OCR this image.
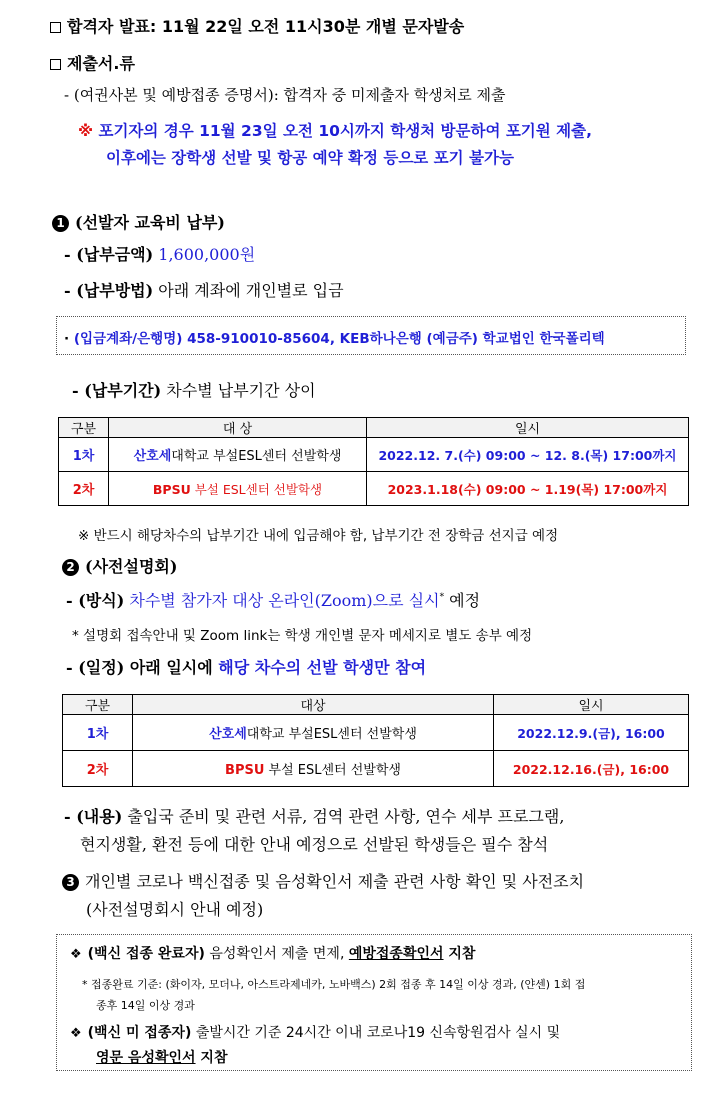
합격자 발표: 11월 22일 오전 11시30분 개별 문자발송
제출서.류
- (여권사본 및 예방접종 증명서): 합격자 중 미제출자 학생처로 제출
※ 포기자의 경우 11월 23일 오전 10시까지 학생처 방문하여 포기원 제출,
이후에는 장학생 선발 및 항공 예약 확정 등으로 포기 불가능
1 (선발자 교육비 납부)
- (납부금액) 1,600,000원
- (납부방법) 아래 계좌에 개인별로 입금
· (입금계좌/은행명) 458-910010-85604, KEB하나은행 (예금주) 학교법인 한국폴리텍
- (납부기간) 차수별 납부기간 상이
구분	대 상	일시
1차	산호세대학교 부설ESL센터 선발학생	2022.12. 7.(수) 09:00 ~ 12. 8.(목) 17:00까지
2차	BPSU 부설 ESL센터 선발학생	2023.1.18(수) 09:00 ~ 1.19(목) 17:00까지
※ 반드시 해당차수의 납부기간 내에 입금해야 함, 납부기간 전 장학금 선지급 예정
2 (사전설명회)
- (방식) 차수별 참가자 대상 온라인(Zoom)으로 실시* 예정
* 설명회 접속안내 및 Zoom link는 학생 개인별 문자 메세지로 별도 송부 예정
- (일정) 아래 일시에 해당 차수의 선발 학생만 참여
구분	대상	일시
1차	산호세대학교 부설ESL센터 선발학생	2022.12.9.(금), 16:00
2차	BPSU 부설 ESL센터 선발학생	2022.12.16.(금), 16:00
- (내용) 출입국 준비 및 관련 서류, 검역 관련 사항, 연수 세부 프로그램,
현지생활, 환전 등에 대한 안내 예정으로 선발된 학생들은 필수 참석
3 개인별 코로나 백신접종 및 음성확인서 제출 관련 사항 확인 및 사전조치
(사전설명회시 안내 예정)
❖ (백신 접종 완료자) 음성확인서 제출 면제, 예방접종확인서 지참
* 접종완료 기준: (화이자, 모더나, 아스트라제네카, 노바백스) 2회 접종 후 14일 이상 경과, (얀센) 1회 접
종후 14일 이상 경과
❖ (백신 미 접종자) 출발시간 기준 24시간 이내 코로나19 신속항원검사 실시 및
영문 음성확인서 지참
